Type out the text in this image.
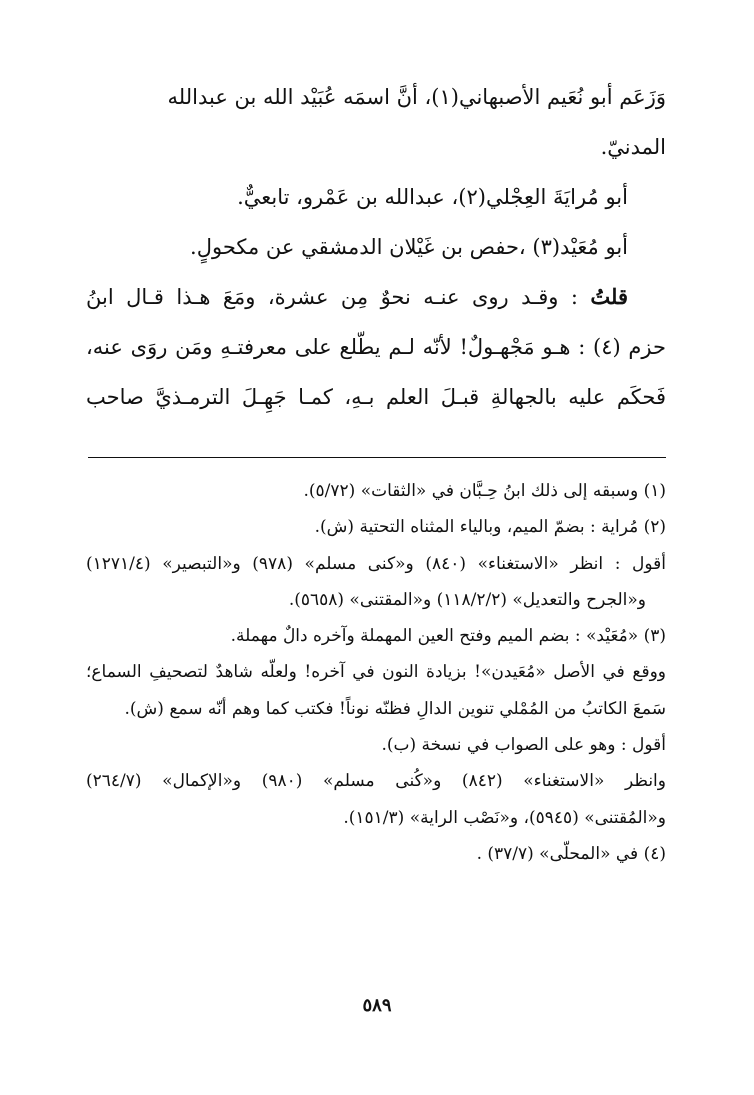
وَزَعَم أبو نُعَيم الأصبهاني(١)، أنَّ اسمَه عُبَيْد الله بن عبدالله
المدنيّ.
أبو مُرايَةَ العِجْلي(٢)، عبدالله بن عَمْرو، تابعيٌّ.
أبو مُعَيْد(٣) ،حفص بن غَيْلان الدمشقي عن مكحولٍ.
قلتُ : وقـد روى عنـه نحوٌ مِن عشرة، ومَعَ هـذا قـال ابنُ
حزم (٤) : هـو مَجْهـولٌ! لأنّه لـم يطّلع على معرفتـهِ ومَن روَى عنه،
فَحكَم عليه بالجهالةِ قبـلَ العلم بـهِ، كمـا جَهِـلَ الترمـذيَّ صاحب
(١) وسبقه إلى ذلك ابنُ حِـبَّان في «الثقات» (٥/٧٢).
(٢) مُراية : بضمّ الميم، وبالياء المثناه التحتية (ش).
أقول : انظر «الاستغناء» (٨٤٠) و«كنى مسلم» (٩٧٨) و«التبصير» (١٢٧١/٤)
و«الجرح والتعديل» (١١٨/٢/٢) و«المقتنى» (٥٦٥٨).
(٣) «مُعَيْد» : بضم الميم وفتح العين المهملة وآخره دالٌ مهملة.
ووقع في الأصل «مُعَيدن»! بزيادة النون في آخره! ولعلّه شاهدٌ لتصحيفِ السماع؛
سَمعَ الكاتبُ من المُمْلي تنوين الدالِ فظنّه نوناً! فكتب كما وهم أنّه سمع (ش).
أقول : وهو على الصواب في نسخة (ب).
وانظر «الاستغناء» (٨٤٢) و«كُنى مسلم» (٩٨٠) و«الإكمال» (٢٦٤/٧)
و«المُقتنى» (٥٩٤٥)، و«نَصْب الراية» (١٥١/٣).
(٤) في «المحلّى» (٣٧/٧) .
٥٨٩
